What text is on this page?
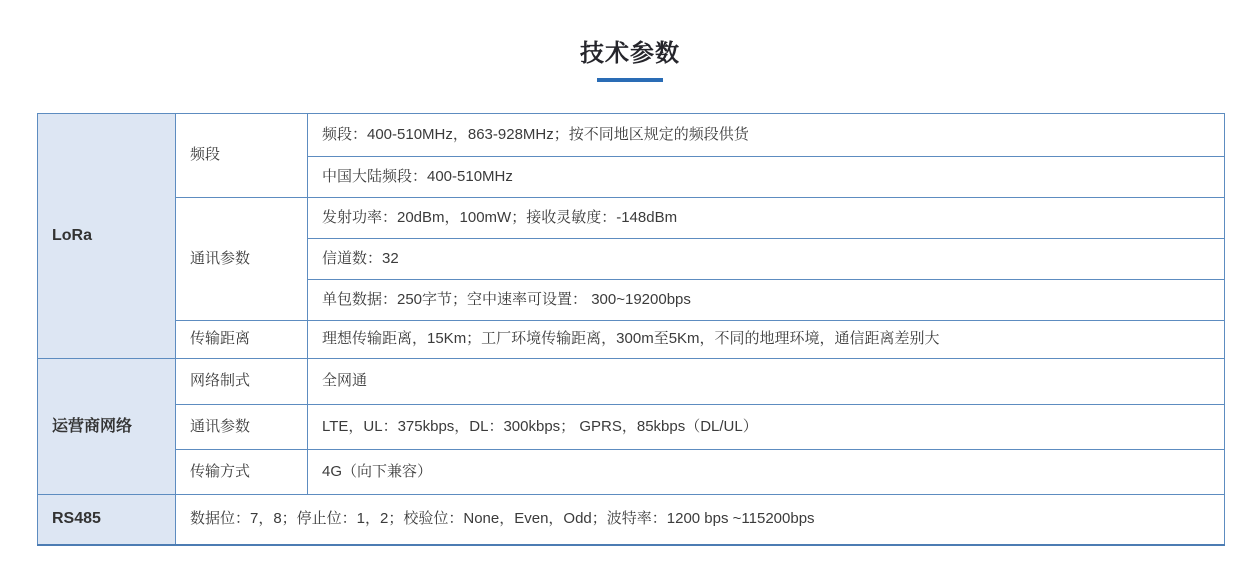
技术参数
LoRa	频段	频段：400-510MHz，863-928MHz；按不同地区规定的频段供货
		中国大陆频段：400-510MHz
	通讯参数	发射功率：20dBm，100mW；接收灵敏度：-148dBm
		信道数：32
		单包数据：250字节；空中速率可设置： 300~19200bps
	传输距离	理想传输距离，15Km；工厂环境传输距离，300m至5Km，不同的地理环境，通信距离差别大
运营商网络	网络制式	全网通
	通讯参数	LTE，UL：375kbps，DL：300kbps； GPRS，85kbps（DL/UL）
	传输方式	4G（向下兼容）
RS485	数据位：7，8；停止位：1，2；校验位：None，Even，Odd；波特率：1200 bps ~115200bps	
